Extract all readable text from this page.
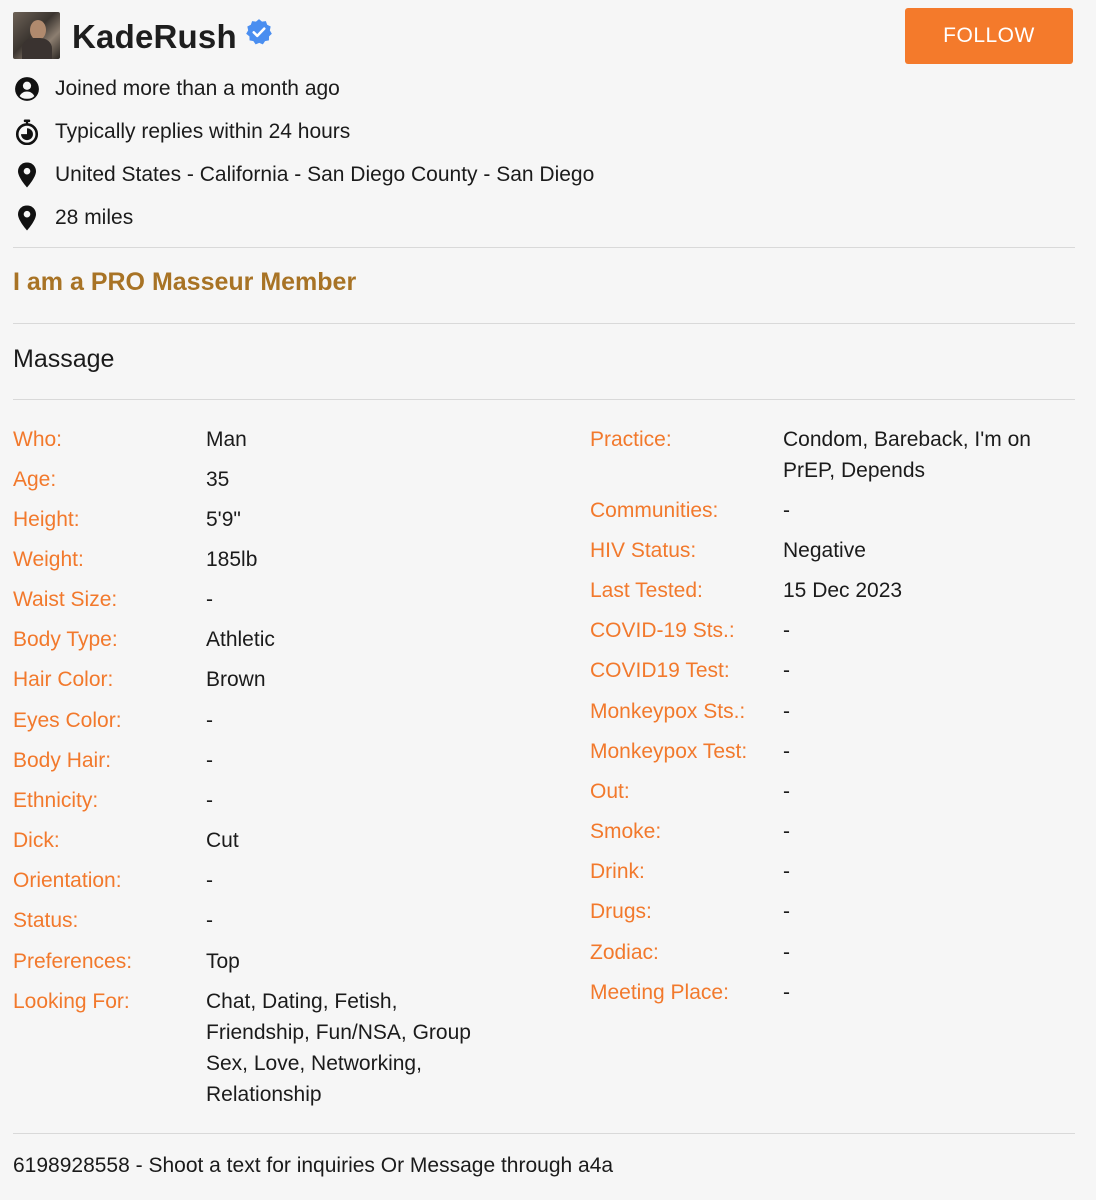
KadeRush	FOLLOW
Joined more than a month ago
Typically replies within 24 hours
United States - California - San Diego County - San Diego
28 miles
I am a PRO Masseur Member
Massage
Who:	Man
Age:	35
Height:	5'9"
Weight:	185lb
Waist Size:	-
Body Type:	Athletic
Hair Color:	Brown
Eyes Color:	-
Body Hair:	-
Ethnicity:	-
Dick:	Cut
Orientation:	-
Status:	-
Preferences:	Top
Looking For:	Chat, Dating, Fetish,
Friendship, Fun/NSA, Group
Sex, Love, Networking,
Relationship
Practice:	Condom, Bareback, I'm on
PrEP, Depends
Communities:	-
HIV Status:	Negative
Last Tested:	15 Dec 2023
COVID-19 Sts.: -
COVID19 Test:	-
Monkeypox Sts.: -
Monkeypox Test: -
Out:	-
Smoke:	-
Drink:	-
Drugs:	-
Zodiac:	-
Meeting Place:	-
6198928558 - Shoot a text for inquiries Or Message through a4a
